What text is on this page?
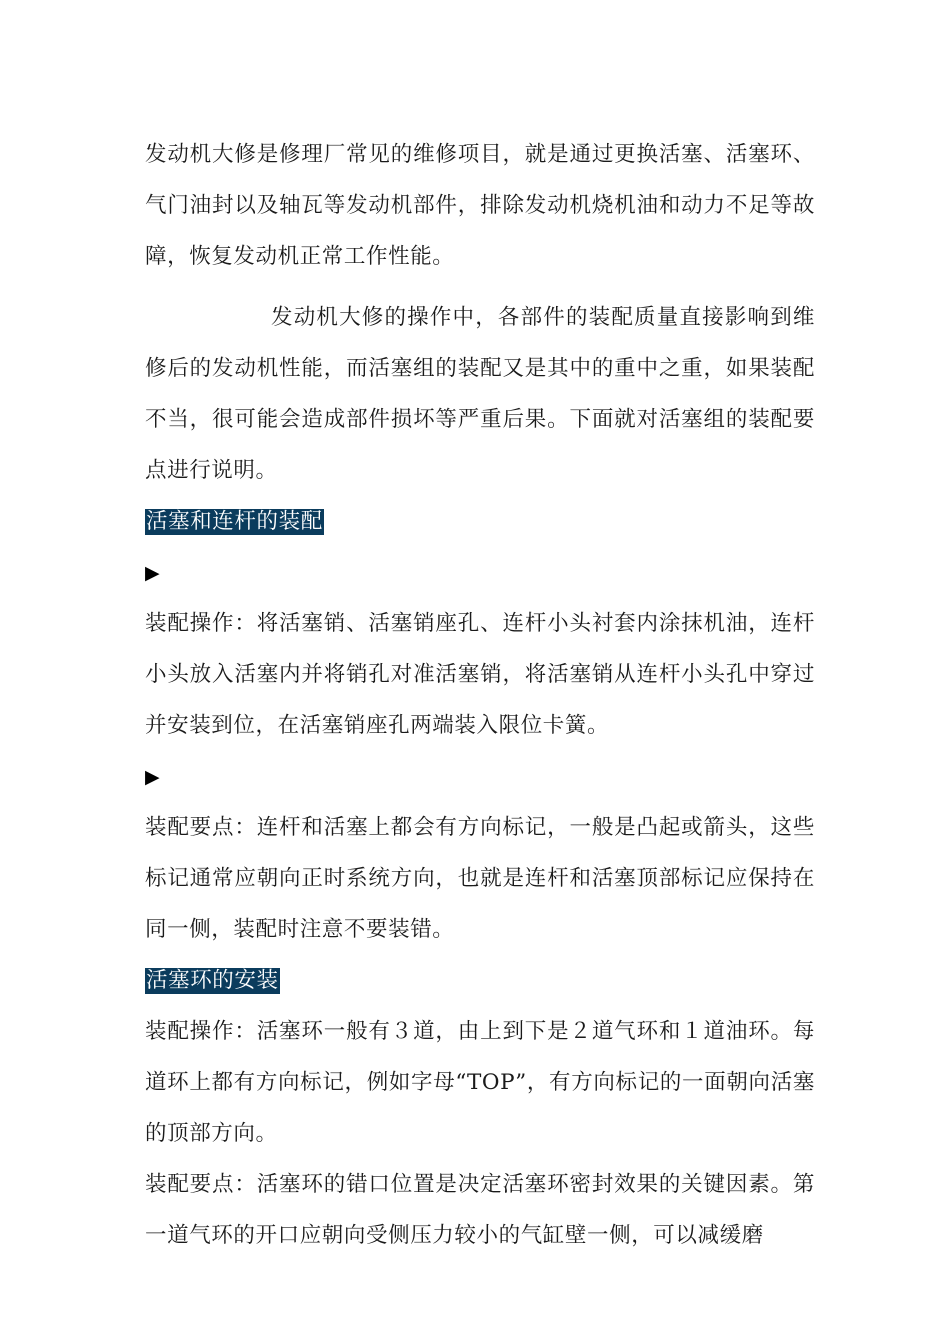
发动机大修是修理厂常见的维修项目，就是通过更换活塞、活塞环、气门油封以及轴瓦等发动机部件，排除发动机烧机油和动力不足等故障，恢复发动机正常工作性能。

发动机大修的操作中，各部件的装配质量直接影响到维修后的发动机性能，而活塞组的装配又是其中的重中之重，如果装配不当，很可能会造成部件损坏等严重后果。下面就对活塞组的装配要点进行说明。

活塞和连杆的装配
▶

装配操作：将活塞销、活塞销座孔、连杆小头衬套内涂抹机油，连杆小头放入活塞内并将销孔对准活塞销，将活塞销从连杆小头孔中穿过并安装到位，在活塞销座孔两端装入限位卡簧。

▶

装配要点：连杆和活塞上都会有方向标记，一般是凸起或箭头，这些标记通常应朝向正时系统方向，也就是连杆和活塞顶部标记应保持在同一侧，装配时注意不要装错。

活塞环的安装

装配操作：活塞环一般有３道，由上到下是２道气环和１道油环。每道环上都有方向标记，例如字母“TOP”，有方向标记的一面朝向活塞的顶部方向。

装配要点：活塞环的错口位置是决定活塞环密封效果的关键因素。第一道气环的开口应朝向受侧压力较小的气缸壁一侧，可以减缓磨
